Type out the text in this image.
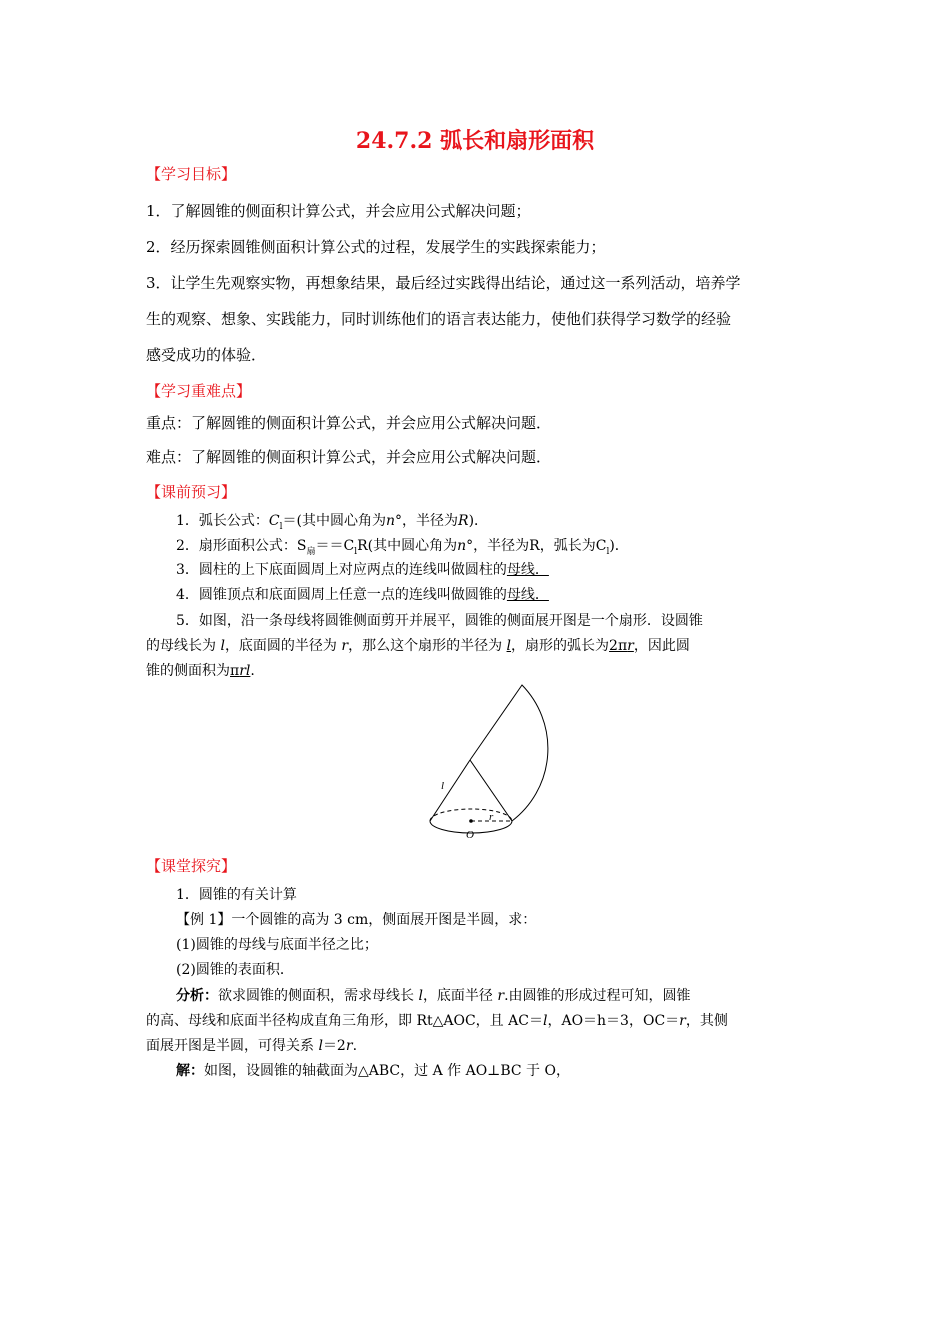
24.7.2 弧长和扇形面积
【学习目标】
1．了解圆锥的侧面积计算公式，并会应用公式解决问题；
2．经历探索圆锥侧面积计算公式的过程，发展学生的实践探索能力；
3．让学生先观察实物，再想象结果，最后经过实践得出结论，通过这一系列活动，培养学
生的观察、想象、实践能力，同时训练他们的语言表达能力，使他们获得学习数学的经验
感受成功的体验．
【学习重难点】
重点：了解圆锥的侧面积计算公式，并会应用公式解决问题．
难点：了解圆锥的侧面积计算公式，并会应用公式解决问题．
【课前预习】
1．弧长公式：$C_l=$(其中圆心角为n°，半径为R)．
2．扇形面积公式：$S_扇==C_lR$(其中圆心角为n°，半径为R，弧长为$C_l$)．
3．圆柱的上下底面圆周上对应两点的连线叫做圆柱的母线．
4．圆锥顶点和底面圆周上任意一点的连线叫做圆锥的母线．
5．如图，沿一条母线将圆锥侧面剪开并展平，圆锥的侧面展开图是一个扇形．设圆锥
的母线长为 l，底面圆的半径为 r，那么这个扇形的半径为 l，扇形的弧长为2πr，因此圆
锥的侧面积为πrl.
l
r
O
【课堂探究】
1．圆锥的有关计算
【例 1】一个圆锥的高为 3 cm，侧面展开图是半圆，求：
(1)圆锥的母线与底面半径之比；
(2)圆锥的表面积．
分析：欲求圆锥的侧面积，需求母线长 l，底面半径 r.由圆锥的形成过程可知，圆锥
的高、母线和底面半径构成直角三角形，即 Rt△AOC，且 AC＝l，AO＝h＝3，OC＝r，其侧
面展开图是半圆，可得关系 l＝2r.
解：如图，设圆锥的轴截面为△ABC，过 A 作 AO⊥BC 于 O，
